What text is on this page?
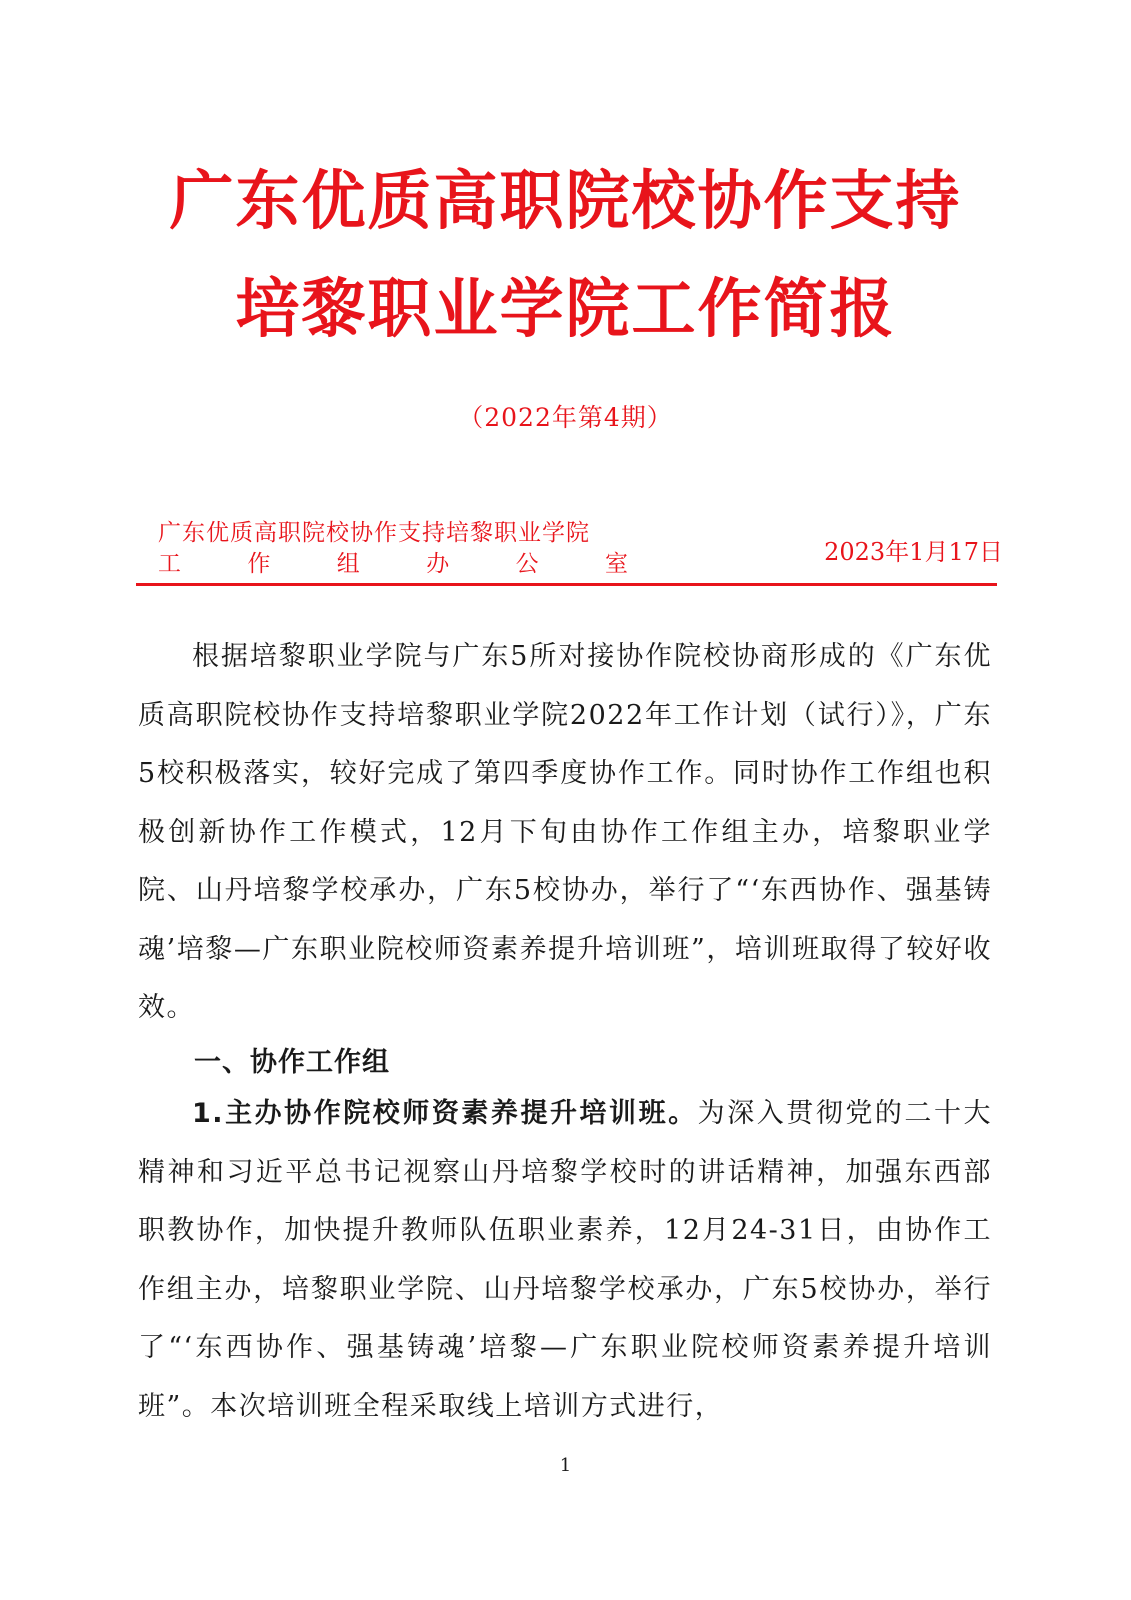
广东优质高职院校协作支持
培黎职业学院工作简报
（2022年第4期）
广东优质高职院校协作支持培黎职业学院
工作组办公室	2023年1月17日

根据培黎职业学院与广东5所对接协作院校协商形成的《广东优质高职院校协作支持培黎职业学院2022年工作计划（试行）》，广东5校积极落实，较好完成了第四季度协作工作。同时协作工作组也积极创新协作工作模式，12月下旬由协作工作组主办，培黎职业学院、山丹培黎学校承办，广东5校协办，举行了“‘东西协作、强基铸魂’培黎—广东职业院校师资素养提升培训班”，培训班取得了较好收效。

一、协作工作组

1.主办协作院校师资素养提升培训班。为深入贯彻党的二十大精神和习近平总书记视察山丹培黎学校时的讲话精神，加强东西部职教协作，加快提升教师队伍职业素养，12月24-31日，由协作工作组主办，培黎职业学院、山丹培黎学校承办，广东5校协办，举行了“‘东西协作、强基铸魂’培黎—广东职业院校师资素养提升培训班”。本次培训班全程采取线上培训方式进行，

1
